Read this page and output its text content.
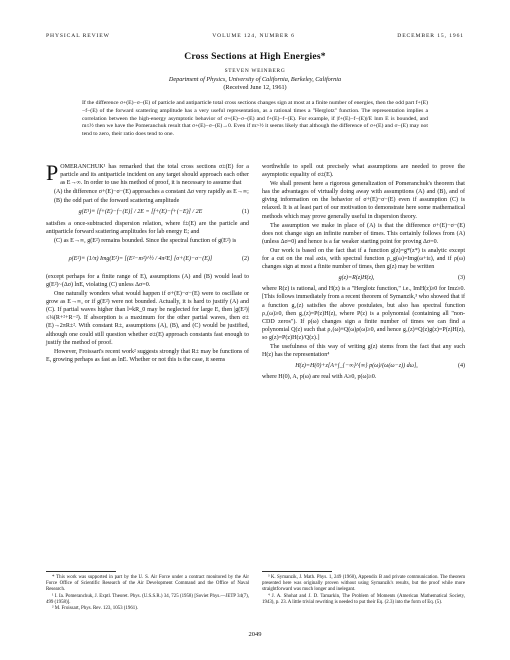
PHYSICAL REVIEW	VOLUME 124, NUMBER 6	DECEMBER 15, 1961
Cross Sections at High Energies*
STEVEN WEINBERG
Department of Physics, University of California, Berkeley, California
(Received June 12, 1961)

If the difference σ+(E)−σ−(E) of particle and antiparticle total cross sections changes sign at most at a finite number of energies, then the odd part f+(E)−f−(E) of the forward scattering amplitude has a very useful representation, as a rational times a "Herglotz" function. The representation implies a correlation between the high-energy asymptotic behavior of σ+(E)−σ−(E) and f+(E)−f−(E). For example, if |f+(E)−f−(E)|/E lnm E is bounded, and m≤½ then we have the Pomeranchuk result that σ+(E)−σ−(E)→0. Even if m>½ it seems likely that although the difference of σ+(E) and σ−(E) may not tend to zero, their ratio does tend to one.

POMERANCHUK¹ has remarked that the total cross sections σ±(E) for a particle and its antiparticle incident on any target should approach each other as E→∞. In order to use his method of proof, it is necessary to assume that

(A) the difference σ+(E)−σ−(E) approaches a constant Δσ very rapidly as E→∞;

(B) the odd part of the forward scattering amplitude

g(E¹)≡ [f+(E)−f−(E)] / 2E = [f+(E)−f+(−E)] / 2E	(1)

satisfies a once-subtracted dispersion relation, where f±(E) are the particle and antiparticle forward scattering amplitudes for lab energy E; and

(C) as E→∞, g(E²) remains bounded. Since the spectral function of g(E²) is

ρ(E²)≡ (1/π) Img(E²)= [(E²−m²)^½ / 4π²E] [σ+(E)−σ−(E)]	(2)

(except perhaps for a finite range of E), assumptions (A) and (B) would lead to g(E²)~(Δσ) lnE, violating (C) unless Δσ=0.

One naturally wonders what would happen if σ+(E)−σ−(E) were to oscillate or grow as E→∞, or if g(E²) were not bounded. Actually, it is hard to justify (A) and (C). If partial waves higher than l≈kR_0 may be neglected for large E, then |g(E²)|≤¼(R+²+R−²). If absorption is a maximum for the other partial waves, then σ±(E)→2πR±². With constant R±, assumptions (A), (B), and (C) would be justified, although one could still question whether σ±(E) approach constants fast enough to justify the method of proof.

However, Froissart's recent work² suggests strongly that R± may be functions of E, growing perhaps as fast as lnE. Whether or not this is the case, it seems

worthwhile to spell out precisely what assumptions are needed to prove the asymptotic equality of σ±(E).

We shall present here a rigorous generalization of Pomeranchuk's theorem that has the advantages of virtually doing away with assumptions (A) and (B), and of giving information on the behavior of σ+(E)−σ−(E) even if assumption (C) is relaxed. It is at least part of our motivation to demonstrate here some mathematical methods which may prove generally useful in dispersion theory.

The assumption we make in place of (A) is that the difference σ+(E)−σ−(E) does not change sign an infinite number of times. This certainly follows from (A) (unless Δσ=0) and hence is a far weaker starting point for proving Δσ=0.

Our work is based on the fact that if a function g(z)=g*(z*) is analytic except for a cut on the real axis, with spectral function ρ_g(ω)=Img(ω+iε), and if ρ(ω) changes sign at most a finite number of times, then g(z) may be written

g(z)=R(z)H(z),	(3)

where R(z) is rational, and H(z) is a "Herglotz function," i.e., ImH(z)≥0 for Imz≥0. [This follows immediately from a recent theorem of Symanzik,³ who showed that if a function g₁(z) satisfies the above postulates, but also has spectral function ρ₁(ω)≥0, then g₁(z)=P(z)H(z), where P(z) is a polynomial (containing all "non-CDD zeros"). If ρ(ω) changes sign a finite number of times we can find a polynomial Q(z) such that ρ₁(ω)≡Q(ω)ρ(ω)≥0, and hence g₁(z)≡Q(z)g(z)=P(z)H(z), so g(z)=P(z)H(z)/Q(z).]

The usefulness of this way of writing g(z) stems from the fact that any such H(z) has the representation⁴

H(z)=H(0)+z[A+∫_{−∞}^{∞} p(ω)/(ω(ω−z)) dω],	(4)

where H(0), A, p(ω) are real with A≥0, p(ω)≥0.

* This work was supported in part by the U. S. Air Force under a contract monitored by the Air Force Office of Scientific Research of the Air Development Command and the Office of Naval Research.

¹ I. Ia. Pomeranchuk, J. Exptl. Theoret. Phys. (U.S.S.R.) 34, 725 (1958) [Soviet Phys.—JETP 34(7), 499 (1958)].

² M. Froissart, Phys. Rev. 123, 1053 (1961).

³ K. Symanzik, J. Math. Phys. 1, 249 (1960), Appendix B and private communication. The theorem presented here was originally proven without using Symanzik's results, but the proof while more straightforward was much longer and inelegant.

⁴ J. A. Shohat and J. D. Tamarkin, The Problem of Moments (American Mathematical Society, 1943), p. 23. A little trivial rewriting is needed to put their Eq. (2.3) into the form of Eq. (5).

2049
